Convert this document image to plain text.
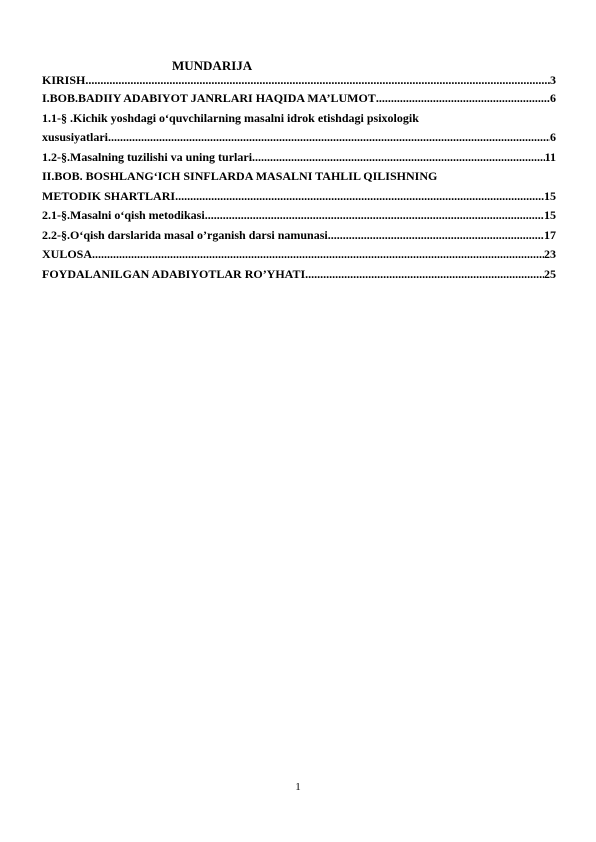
MUNDARIJA
KIRISH .....	3
I.BOB.BADIIY ADABIYOT JANRLARI HAQIDA MA’LUMOT .....	6
1.1-§ .Kichik yoshdagi o‘quvchilarning masalni idrok etishdagi psixologik
xususiyatlari .....	6
1.2-§.Masalning tuzilishi va uning turlari .....	11
II.BOB. BOSHLANG‘ICH SINFLARDA MASALNI TAHLIL QILISHNING
METODIK SHARTLARI .....	15
2.1-§.Masalni o‘qish metodikasi .....	15
2.2-§.O‘qish darslarida masal o’rganish darsi namunasi .....	17
XULOSA .....	23
FOYDALANILGAN ADABIYOTLAR RO’YHATI .....	25
1
